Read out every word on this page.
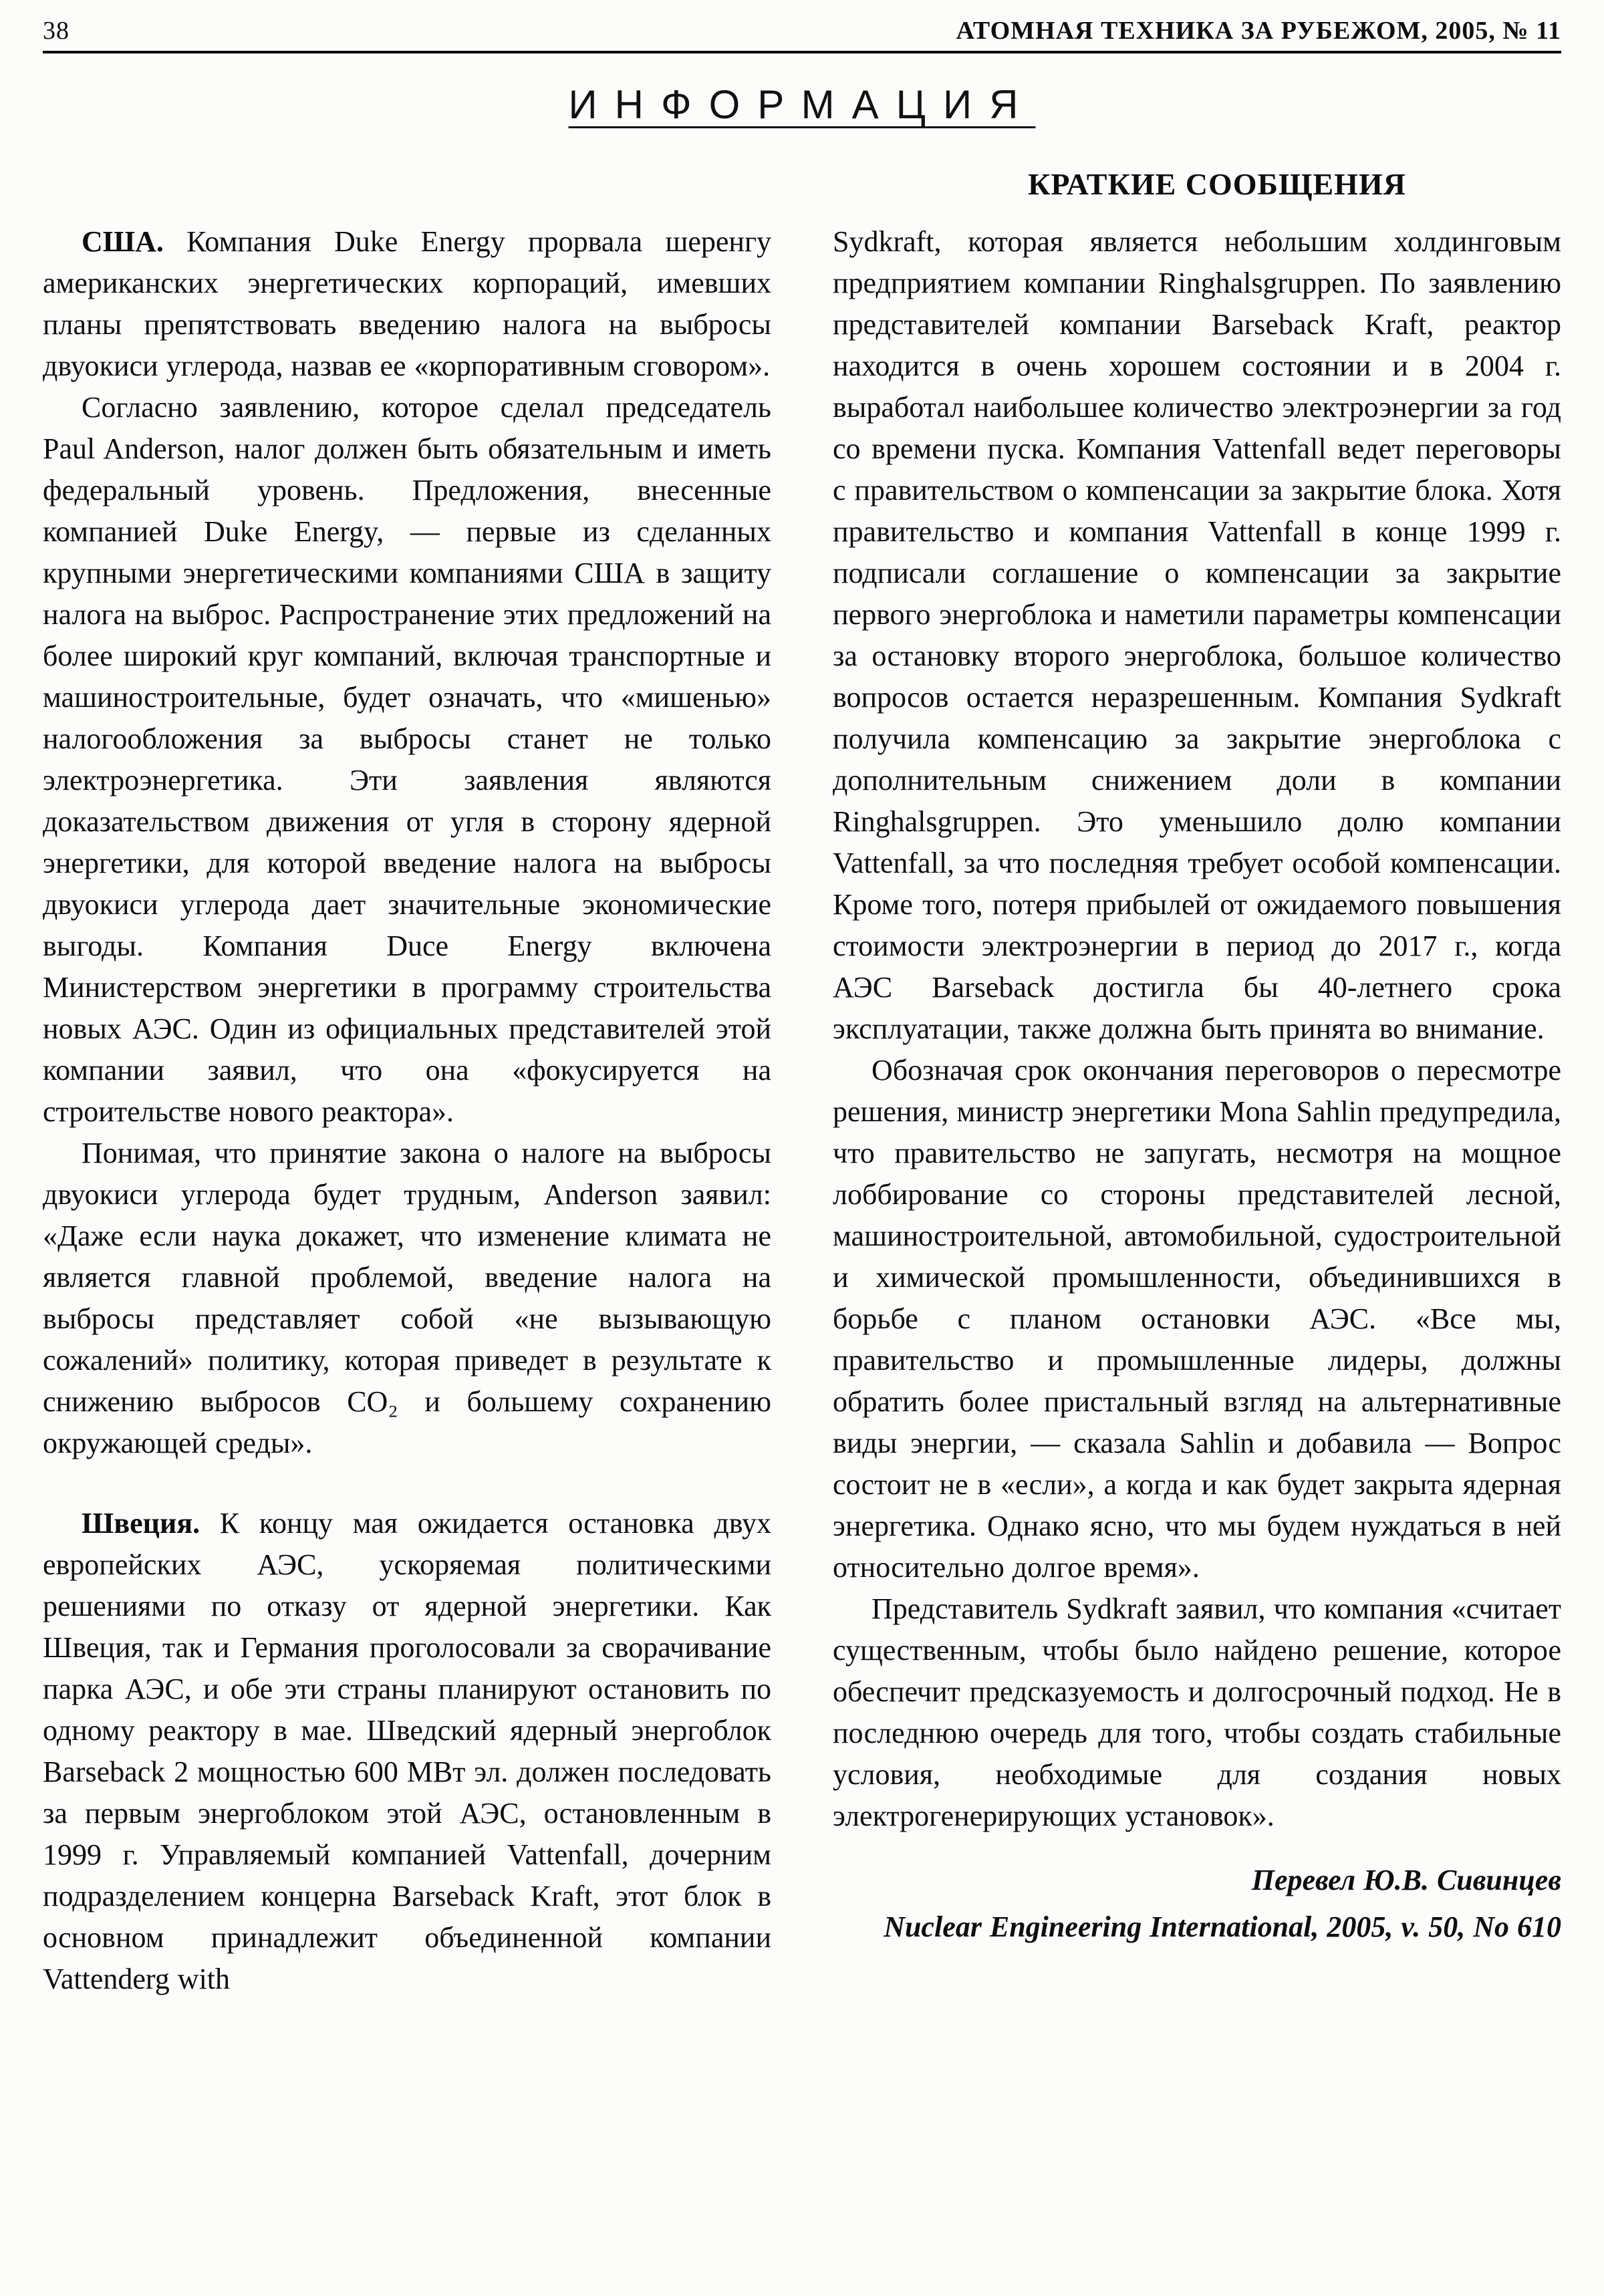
38	АТОМНАЯ ТЕХНИКА ЗА РУБЕЖОМ, 2005, № 11
ИНФОРМАЦИЯ

США. Компания Duke Energy прорвала шеренгу американских энергетических корпораций, имевших планы препятствовать введению налога на выбросы двуокиси углерода, назвав ее «корпоративным сговором».

Согласно заявлению, которое сделал председатель Paul Anderson, налог должен быть обязательным и иметь федеральный уровень. Предложения, внесенные компанией Duke Energy, — первые из сделанных крупными энергетическими компаниями США в защиту налога на выброс. Распространение этих предложений на более широкий круг компаний, включая транспортные и машиностроительные, будет означать, что «мишенью» налогообложения за выбросы станет не только электроэнергетика. Эти заявления являются доказательством движения от угля в сторону ядерной энергетики, для которой введение налога на выбросы двуокиси углерода дает значительные экономические выгоды. Компания Duce Energy включена Министерством энергетики в программу строительства новых АЭС. Один из официальных представителей этой компании заявил, что она «фокусируется на строительстве нового реактора».

Понимая, что принятие закона о налоге на выбросы двуокиси углерода будет трудным, Anderson заявил: «Даже если наука докажет, что изменение климата не является главной проблемой, введение налога на выбросы представляет собой «не вызывающую сожалений» политику, которая приведет в результате к снижению выбросов CO₂ и большему сохранению окружающей среды».

Швеция. К концу мая ожидается остановка двух европейских АЭС, ускоряемая политическими решениями по отказу от ядерной энергетики. Как Швеция, так и Германия проголосовали за сворачивание парка АЭС, и обе эти страны планируют остановить по одному реактору в мае. Шведский ядерный энергоблок Barseback 2 мощностью 600 МВт эл. должен последовать за первым энергоблоком этой АЭС, остановленным в 1999 г. Управляемый компанией Vattenfall, дочерним подразделением концерна Barseback Kraft, этот блок в основном принадлежит объединенной компании Vattenderg with

КРАТКИЕ СООБЩЕНИЯ

Sydkraft, которая является небольшим холдинговым предприятием компании Ringhalsgruppen. По заявлению представителей компании Barseback Kraft, реактор находится в очень хорошем состоянии и в 2004 г. выработал наибольшее количество электроэнергии за год со времени пуска. Компания Vattenfall ведет переговоры с правительством о компенсации за закрытие блока. Хотя правительство и компания Vattenfall в конце 1999 г. подписали соглашение о компенсации за закрытие первого энергоблока и наметили параметры компенсации за остановку второго энергоблока, большое количество вопросов остается неразрешенным. Компания Sydkraft получила компенсацию за закрытие энергоблока с дополнительным снижением доли в компании Ringhalsgruppen. Это уменьшило долю компании Vattenfall, за что последняя требует особой компенсации. Кроме того, потеря прибылей от ожидаемого повышения стоимости электроэнергии в период до 2017 г., когда АЭС Barseback достигла бы 40-летнего срока эксплуатации, также должна быть принята во внимание.

Обозначая срок окончания переговоров о пересмотре решения, министр энергетики Mona Sahlin предупредила, что правительство не запугать, несмотря на мощное лоббирование со стороны представителей лесной, машиностроительной, автомобильной, судостроительной и химической промышленности, объединившихся в борьбе с планом остановки АЭС. «Все мы, правительство и промышленные лидеры, должны обратить более пристальный взгляд на альтернативные виды энергии, — сказала Sahlin и добавила — Вопрос состоит не в «если», а когда и как будет закрыта ядерная энергетика. Однако ясно, что мы будем нуждаться в ней относительно долгое время».

Представитель Sydkraft заявил, что компания «считает существенным, чтобы было найдено решение, которое обеспечит предсказуемость и долгосрочный подход. Не в последнюю очередь для того, чтобы создать стабильные условия, необходимые для создания новых электрогенерирующих установок».

Перевел Ю.В. Сивинцев

Nuclear Engineering International, 2005, v. 50, No 610
